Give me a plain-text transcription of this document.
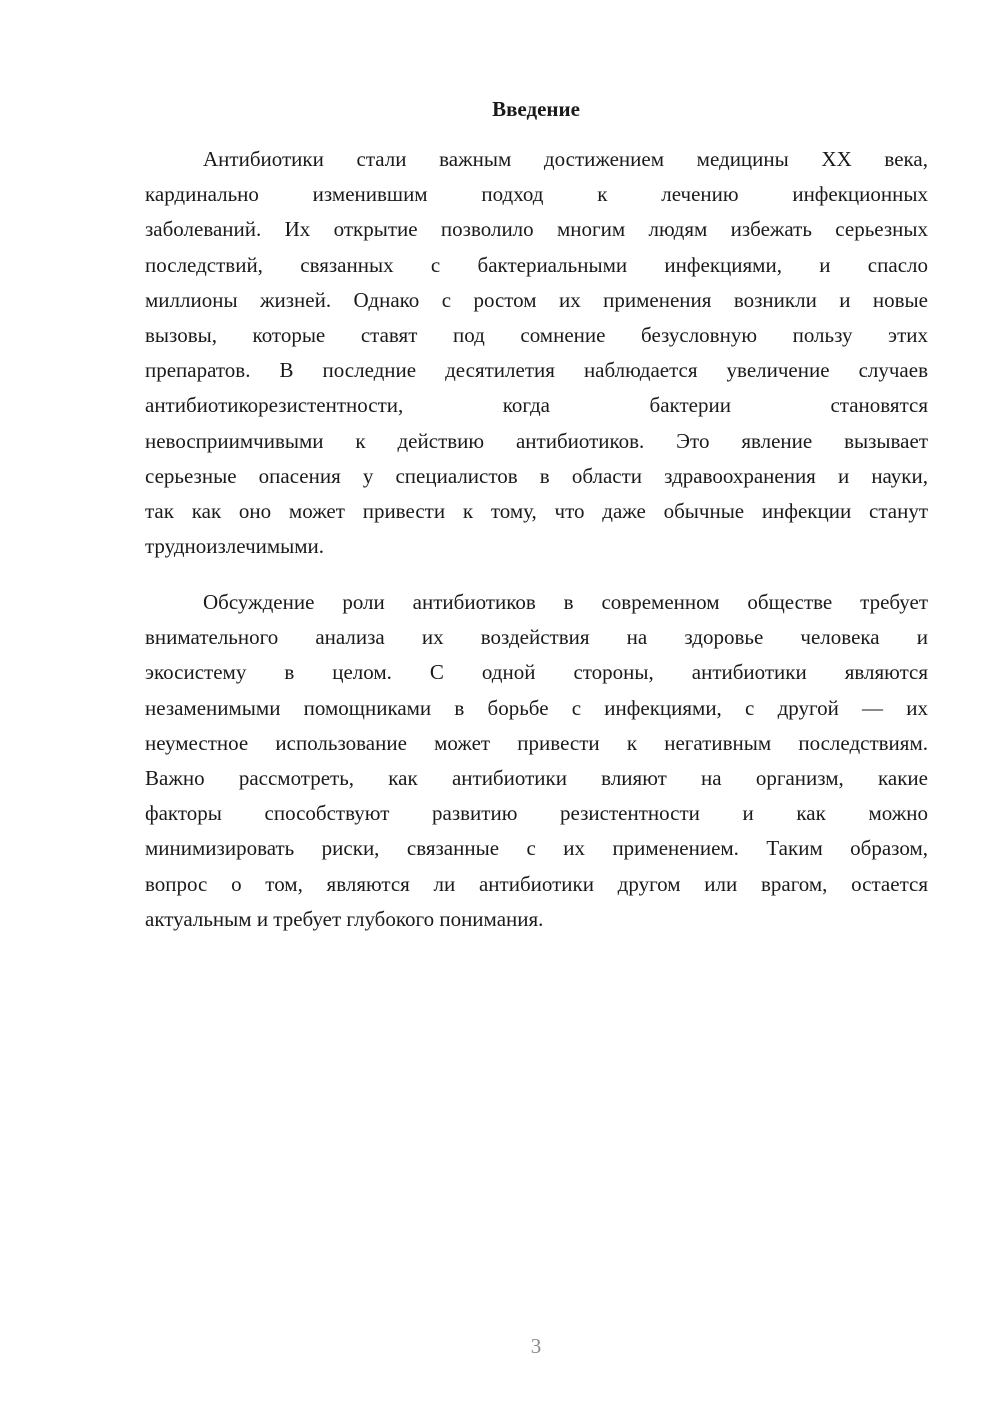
Введение
Антибиотики стали важным достижением медицины XX века,
кардинально изменившим подход к лечению инфекционных
заболеваний. Их открытие позволило многим людям избежать серьезных
последствий, связанных с бактериальными инфекциями, и спасло
миллионы жизней. Однако с ростом их применения возникли и новые
вызовы, которые ставят под сомнение безусловную пользу этих
препаратов. В последние десятилетия наблюдается увеличение случаев
антибиотикорезистентности, когда бактерии становятся
невосприимчивыми к действию антибиотиков. Это явление вызывает
серьезные опасения у специалистов в области здравоохранения и науки,
так как оно может привести к тому, что даже обычные инфекции станут
трудноизлечимыми.
Обсуждение роли антибиотиков в современном обществе требует
внимательного анализа их воздействия на здоровье человека и
экосистему в целом. С одной стороны, антибиотики являются
незаменимыми помощниками в борьбе с инфекциями, с другой — их
неуместное использование может привести к негативным последствиям.
Важно рассмотреть, как антибиотики влияют на организм, какие
факторы способствуют развитию резистентности и как можно
минимизировать риски, связанные с их применением. Таким образом,
вопрос о том, являются ли антибиотики другом или врагом, остается
актуальным и требует глубокого понимания.
3
